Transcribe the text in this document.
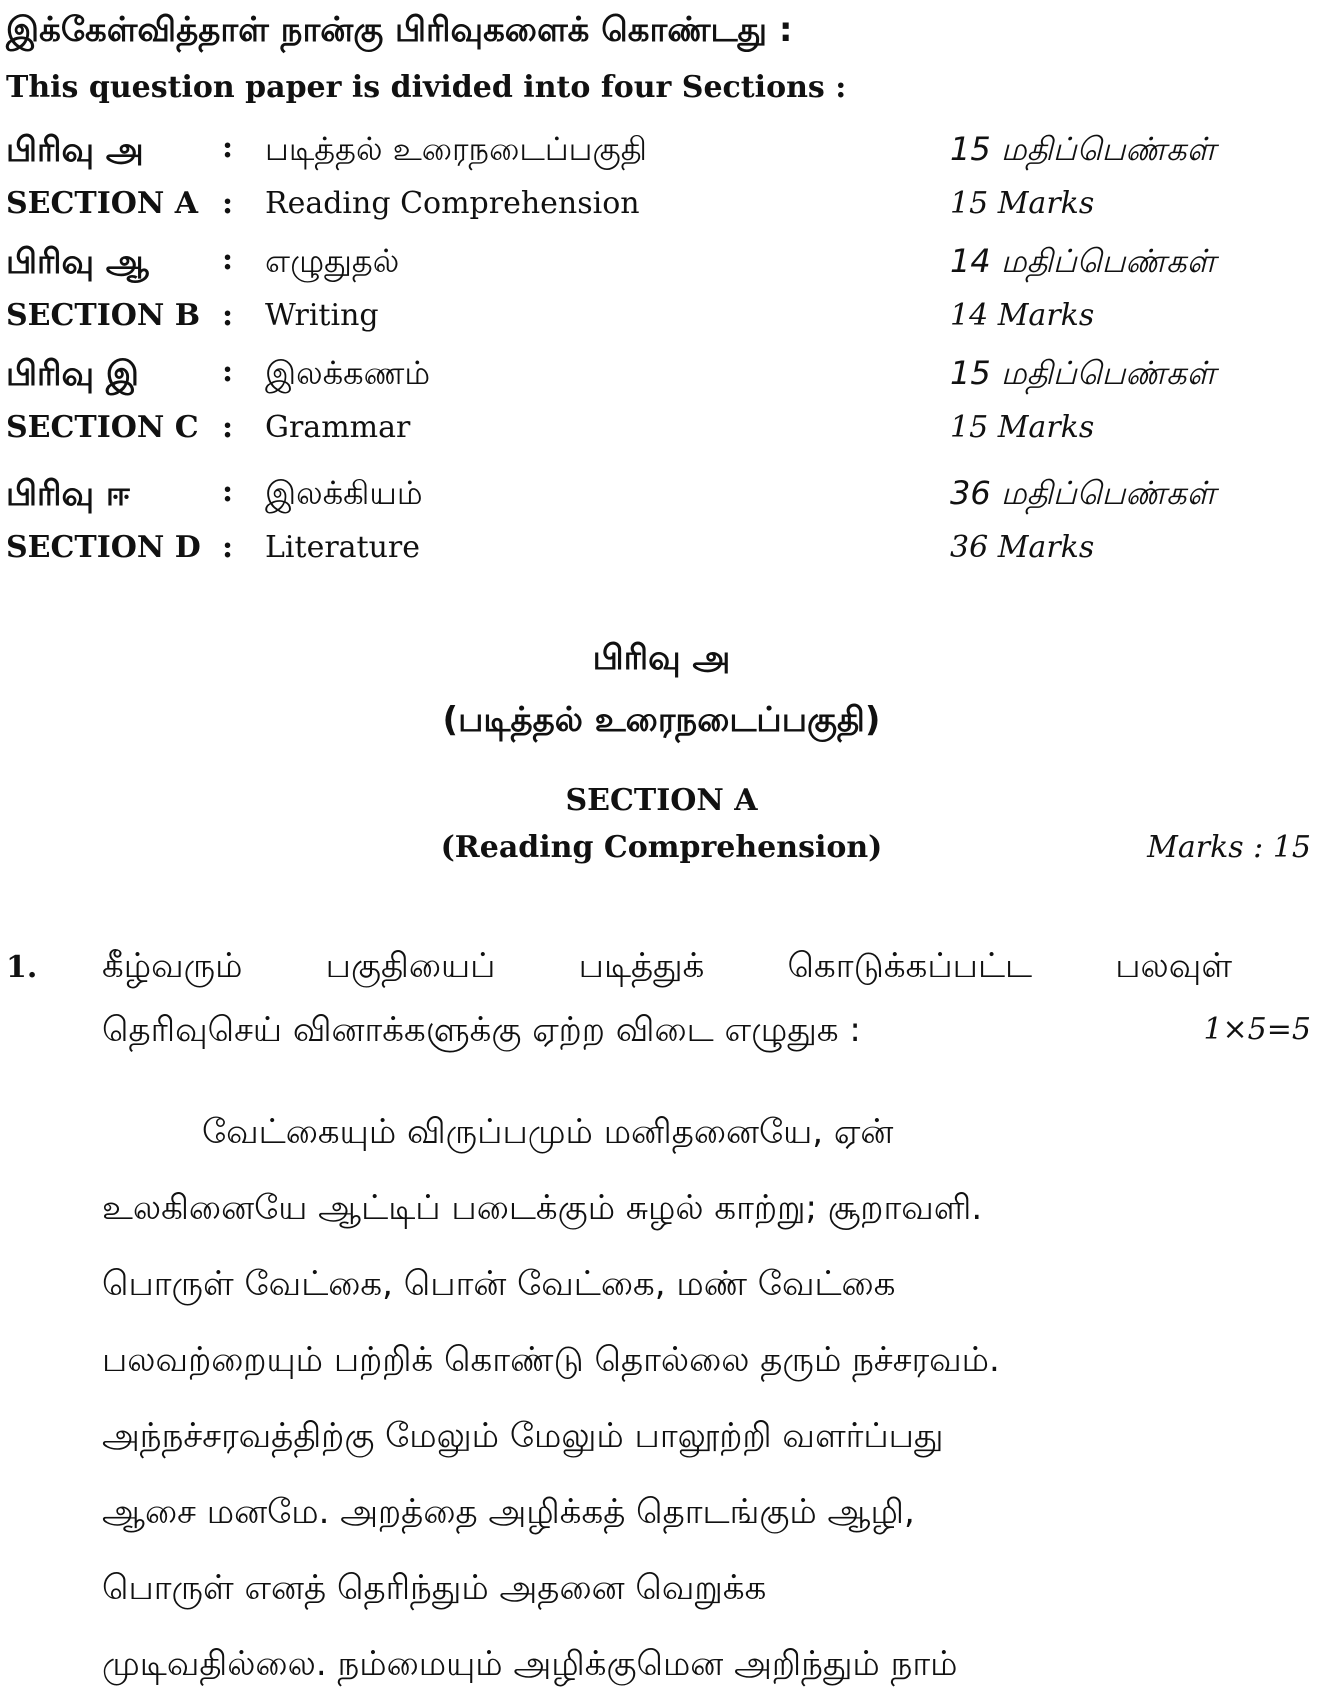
இக்கேள்வித்தாள் நான்கு பிரிவுகளைக் கொண்டது :
This question paper is divided into four Sections :
பிரிவு அ	: படித்தல் உரைநடைப்பகுதி	15 மதிப்பெண்கள்
SECTION A : Reading Comprehension	15 Marks
பிரிவு ஆ : எழுதுதல்	14 மதிப்பெண்கள்
SECTION B : Writing	14 Marks
பிரிவு இ	: இலக்கணம்	15 மதிப்பெண்கள்
SECTION C : Grammar	15 Marks
பிரிவு ஈ	: இலக்கியம்	36 மதிப்பெண்கள்
SECTION D : Literature	36 Marks
பிரிவு அ
(படித்தல் உரைநடைப்பகுதி)
SECTION A
(Reading Comprehension)	Marks : 15
1. கீழ்வரும் பகுதியைப் படித்துக் கொடுக்கப்பட்ட பலவுள்
தெரிவுசெய் வினாக்களுக்கு ஏற்ற விடை எழுதுக :	1×5=5
வேட்கையும் விருப்பமும் மனிதனையே, ஏன்
உலகினையே ஆட்டிப் படைக்கும் சுழல் காற்று; சூறாவளி.
பொருள் வேட்கை, பொன் வேட்கை, மண் வேட்கை
பலவற்றையும் பற்றிக் கொண்டு தொல்லை தரும் நச்சரவம்.
அந்நச்சரவத்திற்கு மேலும் மேலும் பாலூற்றி வளர்ப்பது
ஆசை மனமே. அறத்தை அழிக்கத் தொடங்கும் ஆழி,
பொருள் எனத் தெரிந்தும் அதனை வெறுக்க
முடிவதில்லை. நம்மையும் அழிக்குமென அறிந்தும் நாம்
